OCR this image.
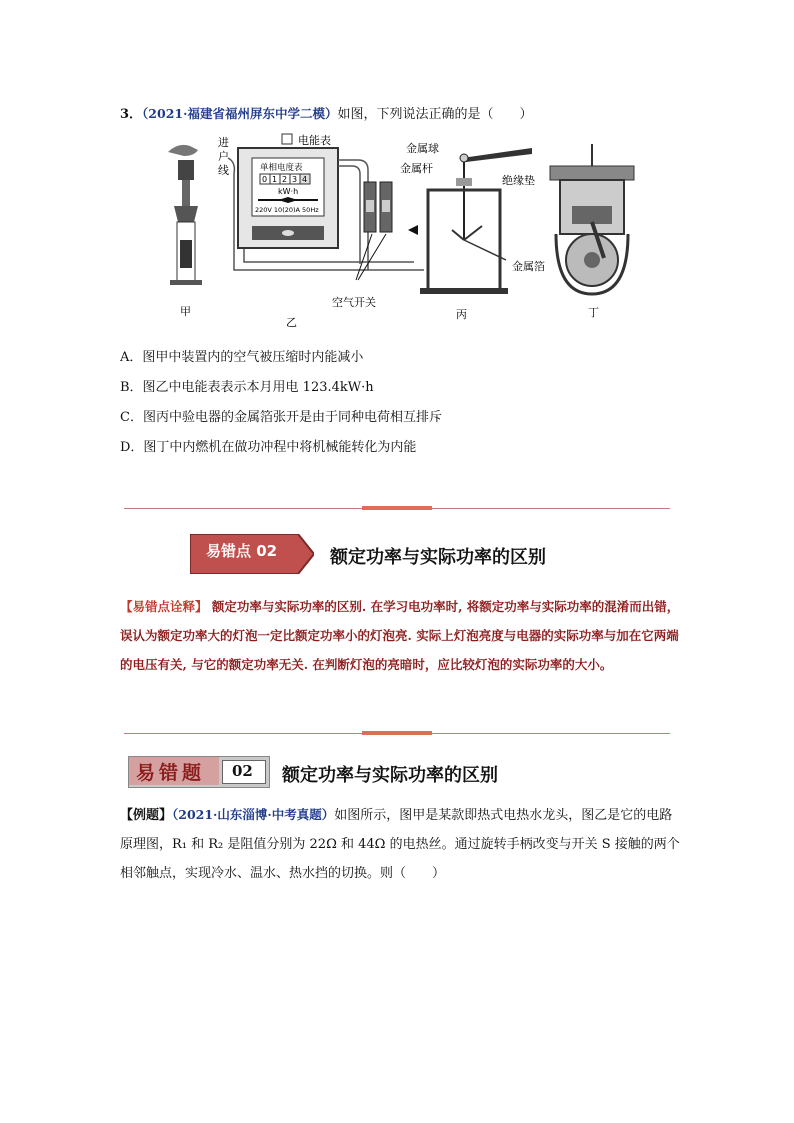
3．（2021·福建省福州屏东中学二模）如图，下列说法正确的是（　　）
甲
进
户
线
电能表
单相电度表
0 1 2 3 4
kW·h
220V 10(20)A 50Hz
空气开关
乙
金属球
金属杆
绝缘垫
金属箔
丙	丁
A．图甲中装置内的空气被压缩时内能减小
B．图乙中电能表表示本月用电 123.4kW·h
C．图丙中验电器的金属箔张开是由于同种电荷相互排斥
D．图丁中内燃机在做功冲程中将机械能转化为内能
易错点 02	额定功率与实际功率的区别
【易错点诠释】 额定功率与实际功率的区别. 在学习电功率时, 将额定功率与实际功率的混淆而出错，误认为额定功率大的灯泡一定比额定功率小的灯泡亮. 实际上灯泡亮度与电器的实际功率与加在它两端的电压有关, 与它的额定功率无关. 在判断灯泡的亮暗时，应比较灯泡的实际功率的大小。
易错题 02 额定功率与实际功率的区别
【例题】（2021·山东淄博·中考真题）如图所示，图甲是某款即热式电热水龙头，图乙是它的电路原理图，R₁ 和 R₂ 是阻值分别为 22Ω 和 44Ω 的电热丝。通过旋转手柄改变与开关 S 接触的两个相邻触点，实现冷水、温水、热水挡的切换。则（　　）
